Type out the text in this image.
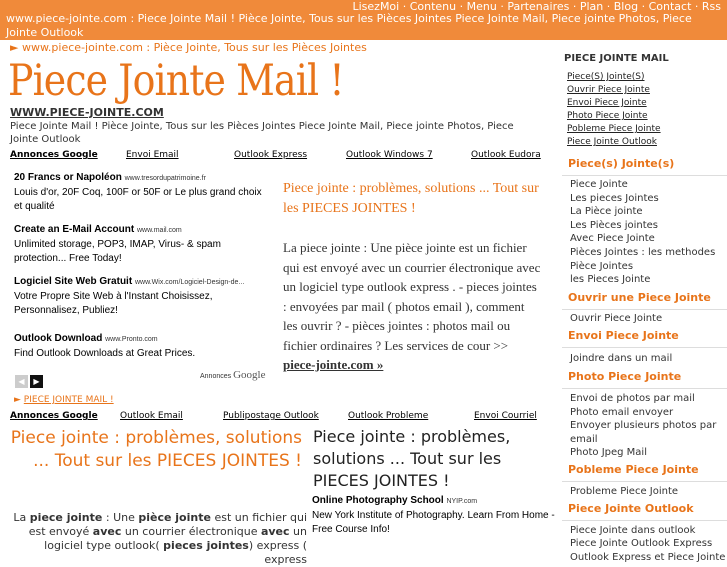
LisezMoi · Contenu · Menu · Partenaires · Plan · Blog · Contact · Rss
www.piece-jointe.com : Piece Jointe Mail ! Pièce Jointe, Tous sur les Pièces Jointes Piece Jointe Mail, Piece jointe Photos, Piece Jointe Outlook
► www.piece-jointe.com : Pièce Jointe, Tous sur les Pièces Jointes
Piece Jointe Mail !
WWW.PIECE-JOINTE.COM
Piece Jointe Mail ! Pièce Jointe, Tous sur les Pièces Jointes Piece Jointe Mail, Piece jointe Photos, Piece Jointe Outlook
Annonces Google	Envoi Email	Outlook Express	Outlook Windows 7	Outlook Eudora
20 Francs or Napoléon www.tresordupatrimoine.fr
Louis d'or, 20F Coq, 100F or 50F or Le plus grand choix et qualité
Create an E-Mail Account www.mail.com
Unlimited storage, POP3, IMAP, Virus- & spam protection... Free Today!
Logiciel Site Web Gratuit www.Wix.com/Logiciel-Design-de...
Votre Propre Site Web à l'Instant Choisissez, Personnalisez, Publiez!
Outlook Download www.Pronto.com
Find Outlook Downloads at Great Prices.
◀ ▶
Annonces Google
Piece jointe : problèmes, solutions ... Tout sur les PIECES JOINTES !
La piece jointe : Une pièce jointe est un fichier qui est envoyé avec un courrier électronique avec un logiciel type outlook express . - pieces jointes : envoyées par mail ( photos email ), comment les ouvrir ? - pièces jointes : photos mail ou fichier ordinaires ? Les services de cour >> piece-jointe.com »
► PIECE JOINTE MAIL !
Annonces Google Outlook Email	Publipostage Outlook	Outlook Probleme	Envoi Courriel
Piece jointe : problèmes, solutions ... Tout sur les PIECES JOINTES !
La piece jointe : Une pièce jointe est un fichier qui est envoyé avec un courrier électronique avec un logiciel type outlook( pieces jointes) express ( express
Piece jointe : problèmes, solutions ... Tout sur les PIECES JOINTES !
Online Photography School NYIP.com
New York Institute of Photography. Learn From Home - Free Course Info!
PIECE JOINTE MAIL
Piece(S) Jointe(S)
Ouvrir Piece Jointe
Envoi Piece Jointe
Photo Piece Jointe
Pobleme Piece Jointe
Piece Jointe Outlook
Piece(s) Jointe(s)
Piece Jointe
Les pieces Jointes
La Pièce jointe
Les Pièces jointes
Avec Piece Jointe
Pièces Jointes : les methodes
Pièce Jointes
les Pieces Jointe
Ouvrir une Piece Jointe
Ouvrir Piece Jointe
Envoi Piece Jointe
Joindre dans un mail
Photo Piece Jointe
Envoi de photos par mail
Photo email envoyer
Envoyer plusieurs photos par email
Photo Jpeg Mail
Pobleme Piece Jointe
Probleme Piece Jointe
Piece Jointe Outlook
Piece Jointe dans outlook
Piece Jointe Outlook Express
Outlook Express et Piece Jointe
